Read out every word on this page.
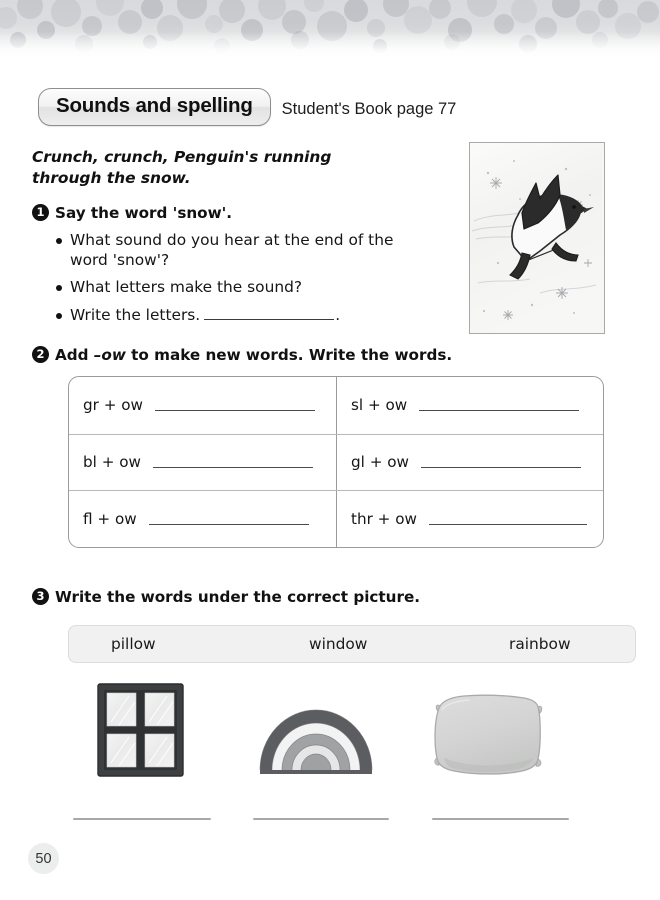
Sounds and spelling	Student's Book page 77
Crunch, crunch, Penguin's running through the snow.
1 Say the word 'snow'.
What sound do you hear at the end of the word 'snow'?
What letters make the sound?
Write the letters.	.
2 Add –ow to make new words. Write the words.
gr + ow	sl + ow
bl + ow	gl + ow
fl + ow	thr + ow
3 Write the words under the correct picture.
pillow	window	rainbow
50
